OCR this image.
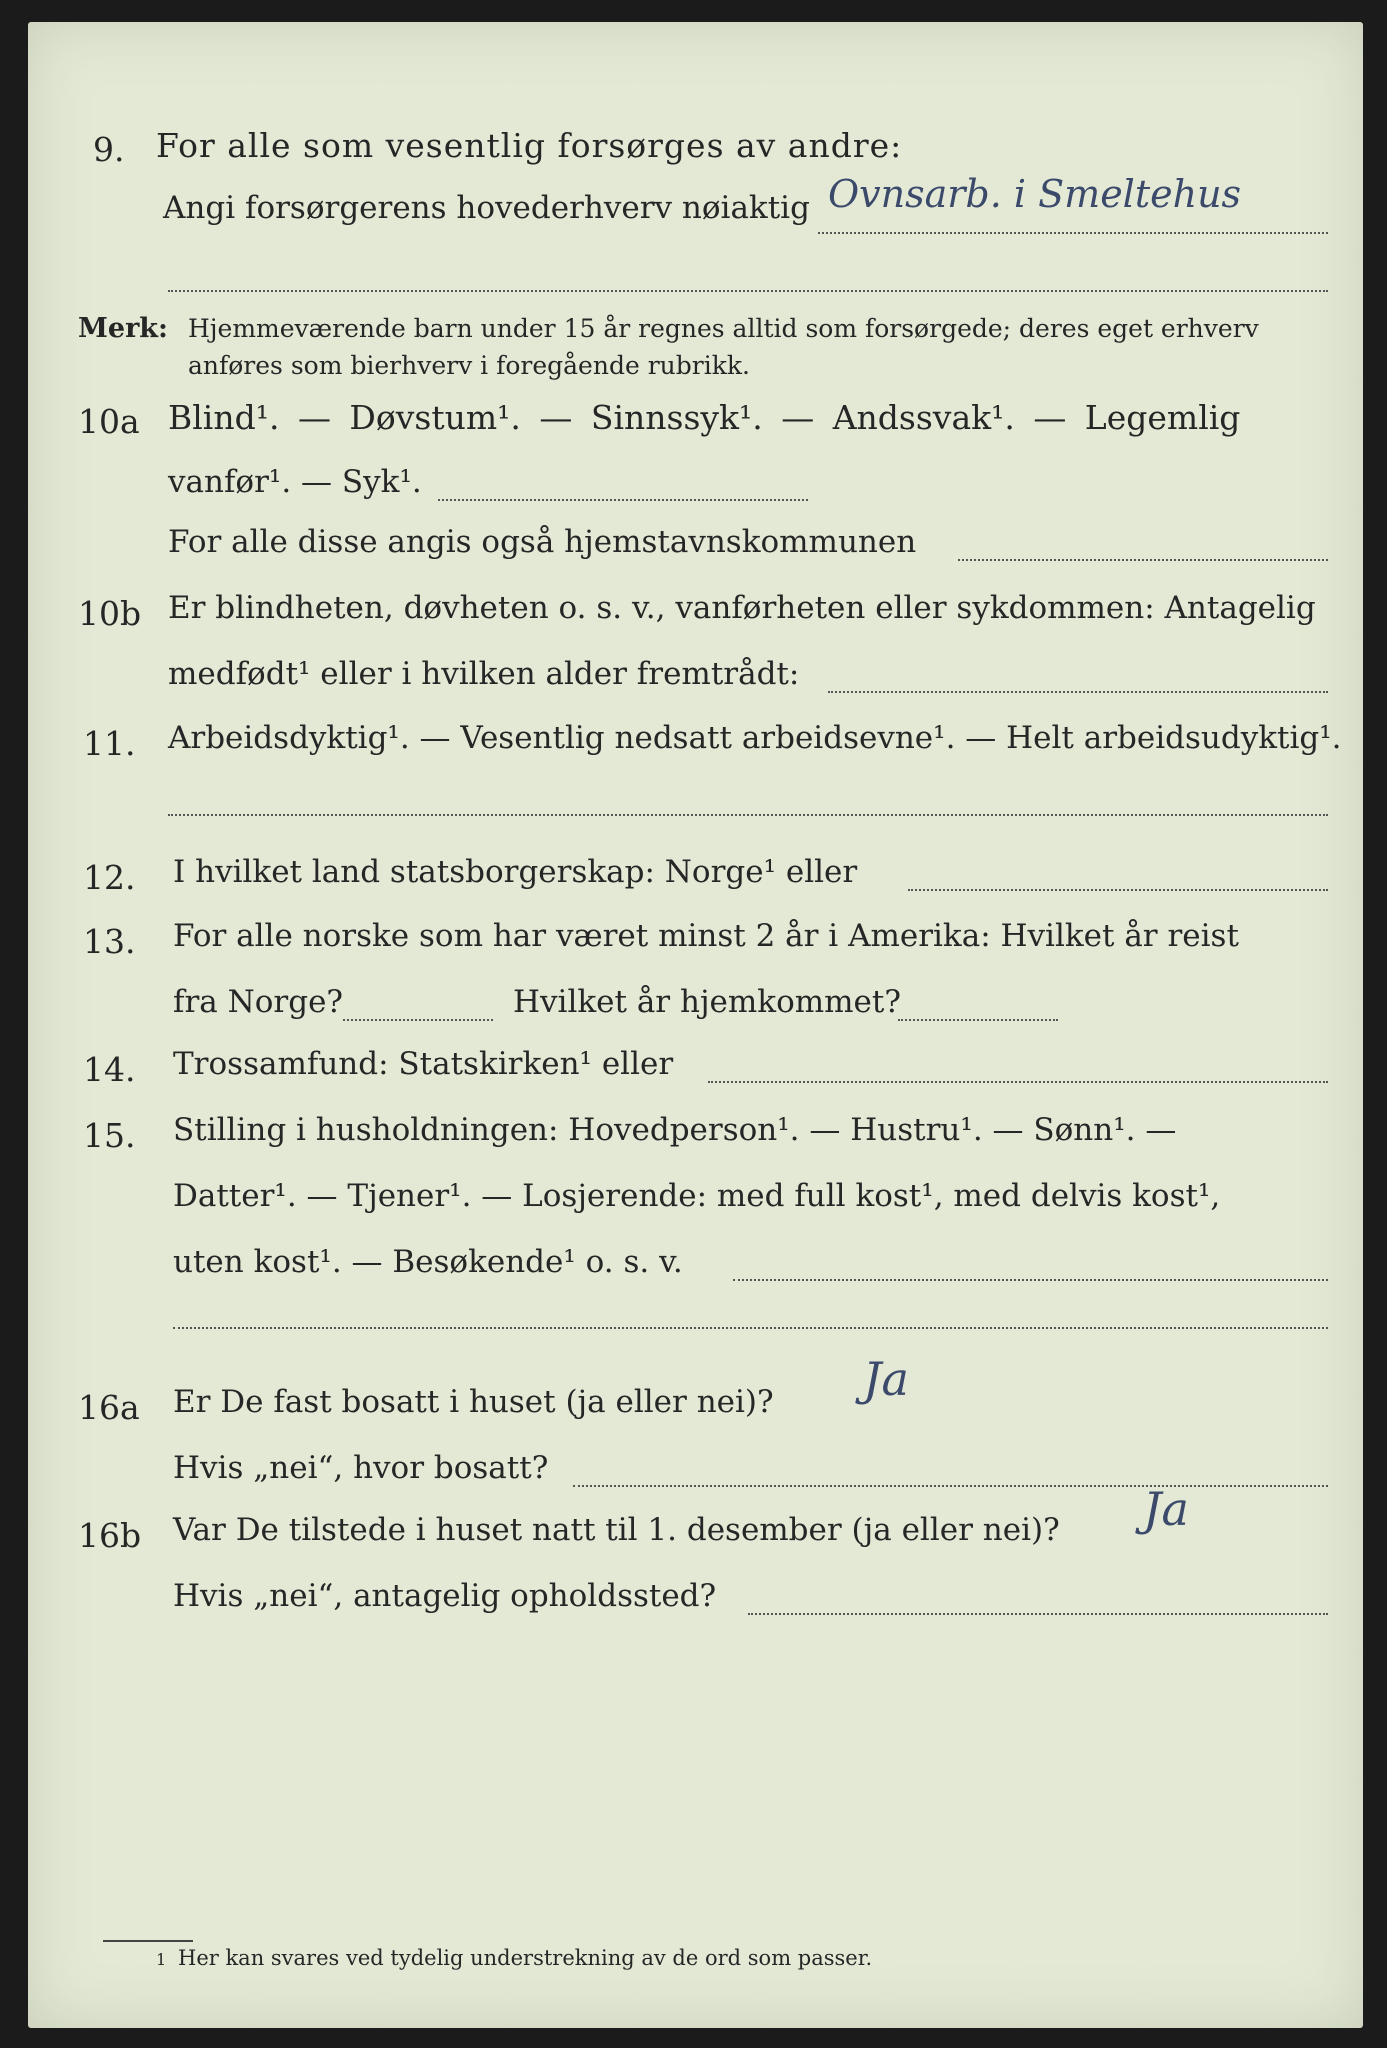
9. For alle som vesentlig forsørges av andre:
Angi forsørgerens hovederhverv nøiaktig Ovnsarb. i Smeltehus
Merk: Hjemmeværende barn under 15 år regnes alltid som forsørgede; deres eget erhverv
anføres som bierhverv i foregående rubrikk.
10a Blind¹. — Døvstum¹. — Sinnssyk¹. — Andssvak¹. — Legemlig
vanfør¹. — Syk¹.
For alle disse angis også hjemstavnskommunen
10b Er blindheten, døvheten o. s. v., vanførheten eller sykdommen: Antagelig
medfødt¹ eller i hvilken alder fremtrådt:
11. Arbeidsdyktig¹. — Vesentlig nedsatt arbeidsevne¹. — Helt arbeidsudyktig¹.
12. I hvilket land statsborgerskap: Norge¹ eller
13. For alle norske som har været minst 2 år i Amerika: Hvilket år reist
fra Norge?	Hvilket år hjemkommet?
14. Trossamfund: Statskirken¹ eller
15. Stilling i husholdningen: Hovedperson¹. — Hustru¹. — Sønn¹. —
Datter¹. — Tjener¹. — Losjerende: med full kost¹, med delvis kost¹,
uten kost¹. — Besøkende¹ o. s. v.
16a Er De fast bosatt i huset (ja eller nei)? Ja
Hvis „nei“, hvor bosatt?
16b Var De tilstede i huset natt til 1. desember (ja eller nei)? Ja
Hvis „nei“, antagelig opholdssted?
1 Her kan svares ved tydelig understrekning av de ord som passer.
